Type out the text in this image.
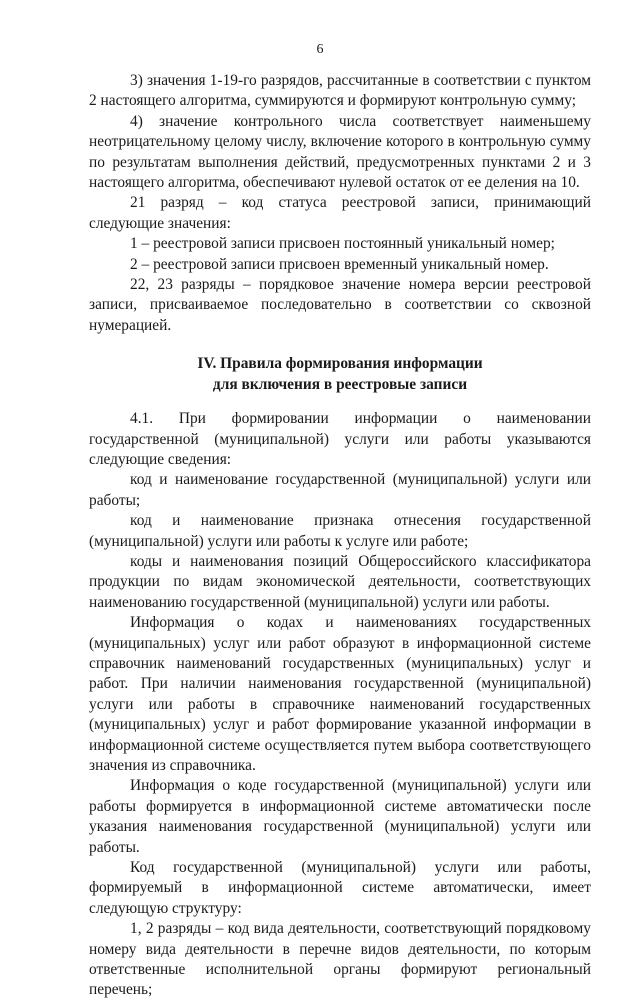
6

3) значения 1-19-го разрядов, рассчитанные в соответствии с пунктом 2 настоящего алгоритма, суммируются и формируют контрольную сумму;

4) значение контрольного числа соответствует наименьшему неотрицательному целому числу, включение которого в контрольную сумму по результатам выполнения действий, предусмотренных пунктами 2 и 3 настоящего алгоритма, обеспечивают нулевой остаток от ее деления на 10.

21 разряд – код статуса реестровой записи, принимающий следующие значения:

1 – реестровой записи присвоен постоянный уникальный номер;

2 – реестровой записи присвоен временный уникальный номер.

22, 23 разряды – порядковое значение номера версии реестровой записи, присваиваемое последовательно в соответствии со сквозной нумерацией.

IV. Правила формирования информации
для включения в реестровые записи

4.1. При формировании информации о наименовании государственной (муниципальной) услуги или работы указываются следующие сведения:

код и наименование государственной (муниципальной) услуги или работы;

код и наименование признака отнесения государственной (муниципальной) услуги или работы к услуге или работе;

коды и наименования позиций Общероссийского классификатора продукции по видам экономической деятельности, соответствующих наименованию государственной (муниципальной) услуги или работы.

Информация о кодах и наименованиях государственных (муниципальных) услуг или работ образуют в информационной системе справочник наименований государственных (муниципальных) услуг и работ. При наличии наименования государственной (муниципальной) услуги или работы в справочнике наименований государственных (муниципальных) услуг и работ формирование указанной информации в информационной системе осуществляется путем выбора соответствующего значения из справочника.

Информация о коде государственной (муниципальной) услуги или работы формируется в информационной системе автоматически после указания наименования государственной (муниципальной) услуги или работы.

Код государственной (муниципальной) услуги или работы, формируемый в информационной системе автоматически, имеет следующую структуру:

1, 2 разряды – код вида деятельности, соответствующий порядковому номеру вида деятельности в перечне видов деятельности, по которым ответственные исполнительной органы формируют региональный перечень;
